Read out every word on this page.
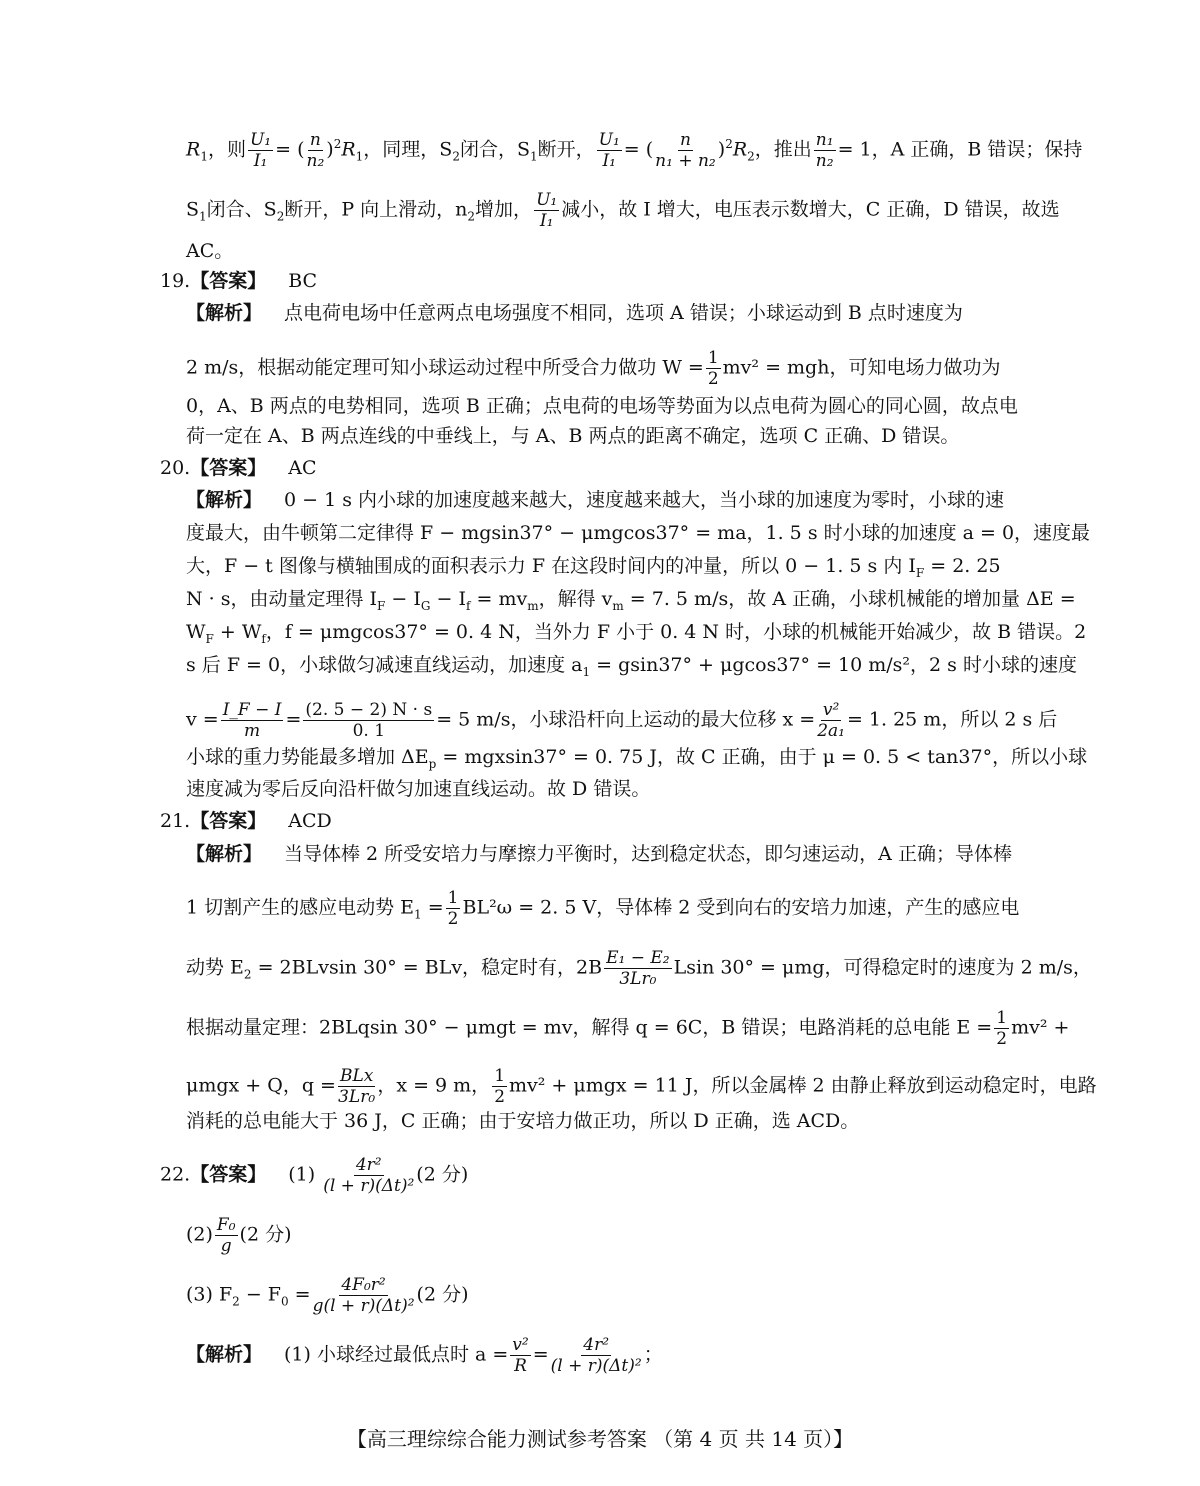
$R_1$，则 $\frac{\text{U₁}}{\text{I₁}}$ = ( $\frac{n}{\text{n₂}} )^2R_1$，同理，$S_2$闭合，$S_1$断开， $\frac{\text{U₁}}{\text{I₁}}$ = ( $\frac{n}{\text{n₁ + n₂}} )^2R_2$，推出 $\frac{\text{n₁}}{\text{n₂}} = 1$，A 正确，B 错误；保持
$S_1$闭合、$S_2$断开，P 向上滑动，$n_2$增加， $\frac{\text{U₁}}{\text{I₁}}$ 减小，故 I 增大，电压表示数增大，C 正确，D 错误，故选
AC。
19.【答案】 BC
【解析】 点电荷电场中任意两点电场强度不相同，选项 A 错误；小球运动到 B 点时速度为
2 m/s，根据动能定理可知小球运动过程中所受合力做功 $W = \frac{1}{2} mv^2$ = mgh，可知电场力做功为
0，A、B 两点的电势相同，选项 B 正确；点电荷的电场等势面为以点电荷为圆心的同心圆，故点电
荷一定在 A、B 两点连线的中垂线上，与 A、B 两点的距离不确定，选项 C 正确、D 错误。
20.【答案】 AC
【解析】 0 − 1 s 内小球的加速度越来越大，速度越来越大，当小球的加速度为零时，小球的速
度最大，由牛顿第二定律得 F − mgsin37° − μmgcos37° = ma，1. 5 s 时小球的加速度 a = 0，速度最
大，F − t 图像与横轴围成的面积表示力 F 在这段时间内的冲量，所以 0 − 1. 5 s 内 $I_F = 2$. 25
N · s，由动量定理得 $I_F - I_G - I_f = mv_m$，解得 $v_m = 7$. 5 m/s，故 A 正确，小球机械能的增加量 ΔE =
$W_F + W_f$，f = μmgcos37° = 0. 4 N，当外力 F 小于 0. 4 N 时，小球的机械能开始减少，故 B 错误。2
s 后 F = 0，小球做匀减速直线运动，加速度 $a_1 = gsin37^\circ + \mu gcos37^\circ = 10$ m/s²，2 s 时小球的速度
$v = \frac{I\_F - I}{m} = \frac{(2. 5 - 2) N \cdot s}{0. 1} = 5$ m/s，小球沿杆向上运动的最大位移 $x = \frac{\text{v²}}{\text{2a₁}} = 1$. 25 m，所以 2 s 后
小球的重力势能最多增加 $\Delta E_p = mgxsin37^\circ = 0$. 75 J，故 C 正确，由于 μ = 0. 5 < tan37°，所以小球
速度减为零后反向沿杆做匀加速直线运动。故 D 错误。
21.【答案】 ACD
【解析】 当导体棒 2 所受安培力与摩擦力平衡时，达到稳定状态，即匀速运动，A 正确；导体棒
1 切割产生的感应电动势 $E_1 = \frac{1}{2} BL^2\omega = 2$. 5 V，导体棒 2 受到向右的安培力加速，产生的感应电
动势 $E_2 = 2BLvsin$ 30° = BLv，稳定时有，$2B \frac{\text{E₁ − E₂}}{\text{3Lr₀}}$ Lsin 30° = μmg，可得稳定时的速度为 2 m/s，
根据动量定理：2BLqsin 30° − μmgt = mv，解得 q = 6C，B 错误；电路消耗的总电能 $E = \frac{1}{2} mv^2$ +
μmgx + Q，q = BLx
3Lr₀
，x = 9 m， $\frac{1}{2} mv^2 + \mu mgx = 11$ J，所以金属棒 2 由静止释放到运动稳定时，电路
消耗的总电能大于 36 J，C 正确；由于安培力做正功，所以 D 正确，选 ACD。
22.【答案】 $(1) \frac{\text{4r²}}{\text{(l + r)(Δt)²}} (2$ 分)
$(2) \frac{\text{F₀}}{g} (2$ 分)
(3) $F_2 - F_0 = \frac{\text{4F₀r²}}{\text{g(l + r)(Δt)²}} (2$ 分)
【解析】 (1) 小球经过最低点时 $a = \frac{\text{v²}}{R} = \frac{\text{4r²}}{\text{(l + r)(Δt)²}}$ ；
【高三理综综合能力测试参考答案 （第 4 页 共 14 页）】
